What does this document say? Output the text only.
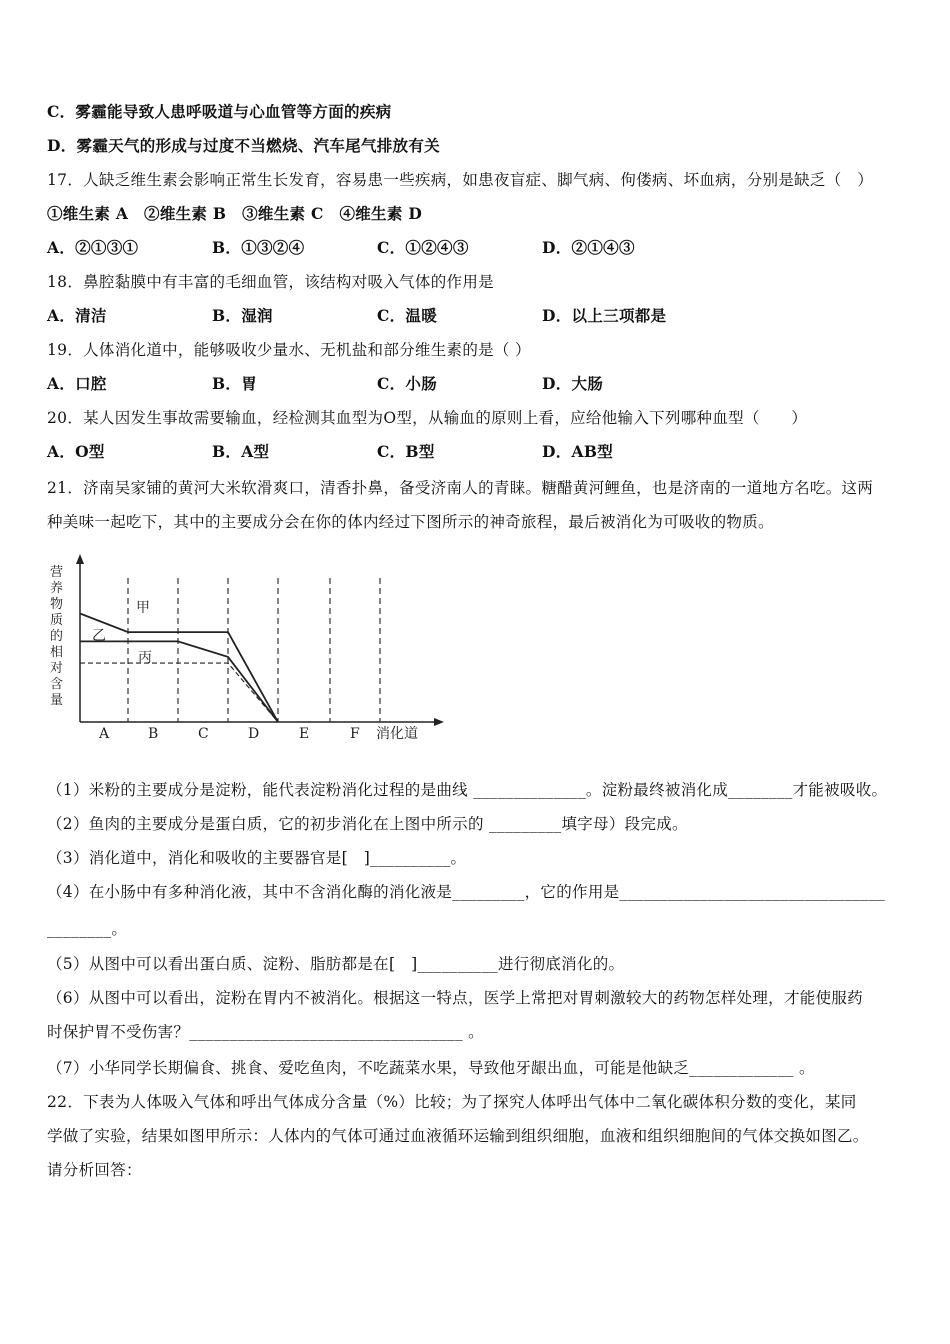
C．雾霾能导致人患呼吸道与心血管等方面的疾病
D．雾霾天气的形成与过度不当燃烧、汽车尾气排放有关
17．人缺乏维生素会影响正常生长发育，容易患一些疾病，如患夜盲症、脚气病、佝偻病、坏血病，分别是缺乏（　）
①维生素 A　②维生素 B　③维生素 C　④维生素 D
A．②①③①	B．①③②④	C．①②④③	D．②①④③
18．鼻腔黏膜中有丰富的毛细血管，该结构对吸入气体的作用是
A．清洁	B．湿润	C．温暖	D．以上三项都是
19．人体消化道中，能够吸收少量水、无机盐和部分维生素的是（ ）
A．口腔	B．胃	C．小肠	D．大肠
20．某人因发生事故需要输血，经检测其血型为O型，从输血的原则上看，应给他输入下列哪种血型（　　）
A．O型	B．A型	C．B型	D．AB型
21．济南吴家铺的黄河大米软滑爽口，清香扑鼻，备受济南人的青睐。糖醋黄河鲤鱼，也是济南的一道地方名吃。这两
种美味一起吃下，其中的主要成分会在你的体内经过下图所示的神奇旅程，最后被消化为可吸收的物质。
营
养
物
质
的
相
对
含
量
甲
乙
丙
A	B	C	D	E	F 消化道
（1）米粉的主要成分是淀粉，能代表淀粉消化过程的是曲线 ______________。淀粉最终被消化成________才能被吸收。
（2）鱼肉的主要成分是蛋白质，它的初步消化在上图中所示的 _________填字母）段完成。
（3）消化道中，消化和吸收的主要器官是[　]__________。
（4）在小肠中有多种消化液，其中不含消化酶的消化液是_________，它的作用是_________________________________
________。
（5）从图中可以看出蛋白质、淀粉、脂肪都是在[　]__________进行彻底消化的。
（6）从图中可以看出，淀粉在胃内不被消化。根据这一特点，医学上常把对胃刺激较大的药物怎样处理，才能使服药
时保护胃不受伤害？__________________________________ 。
（7）小华同学长期偏食、挑食、爱吃鱼肉，不吃蔬菜水果，导致他牙龈出血，可能是他缺乏_____________ 。
22．下表为人体吸入气体和呼出气体成分含量（%）比较；为了探究人体呼出气体中二氧化碳体积分数的变化，某同
学做了实验，结果如图甲所示：人体内的气体可通过血液循环运输到组织细胞，血液和组织细胞间的气体交换如图乙。
请分析回答：
